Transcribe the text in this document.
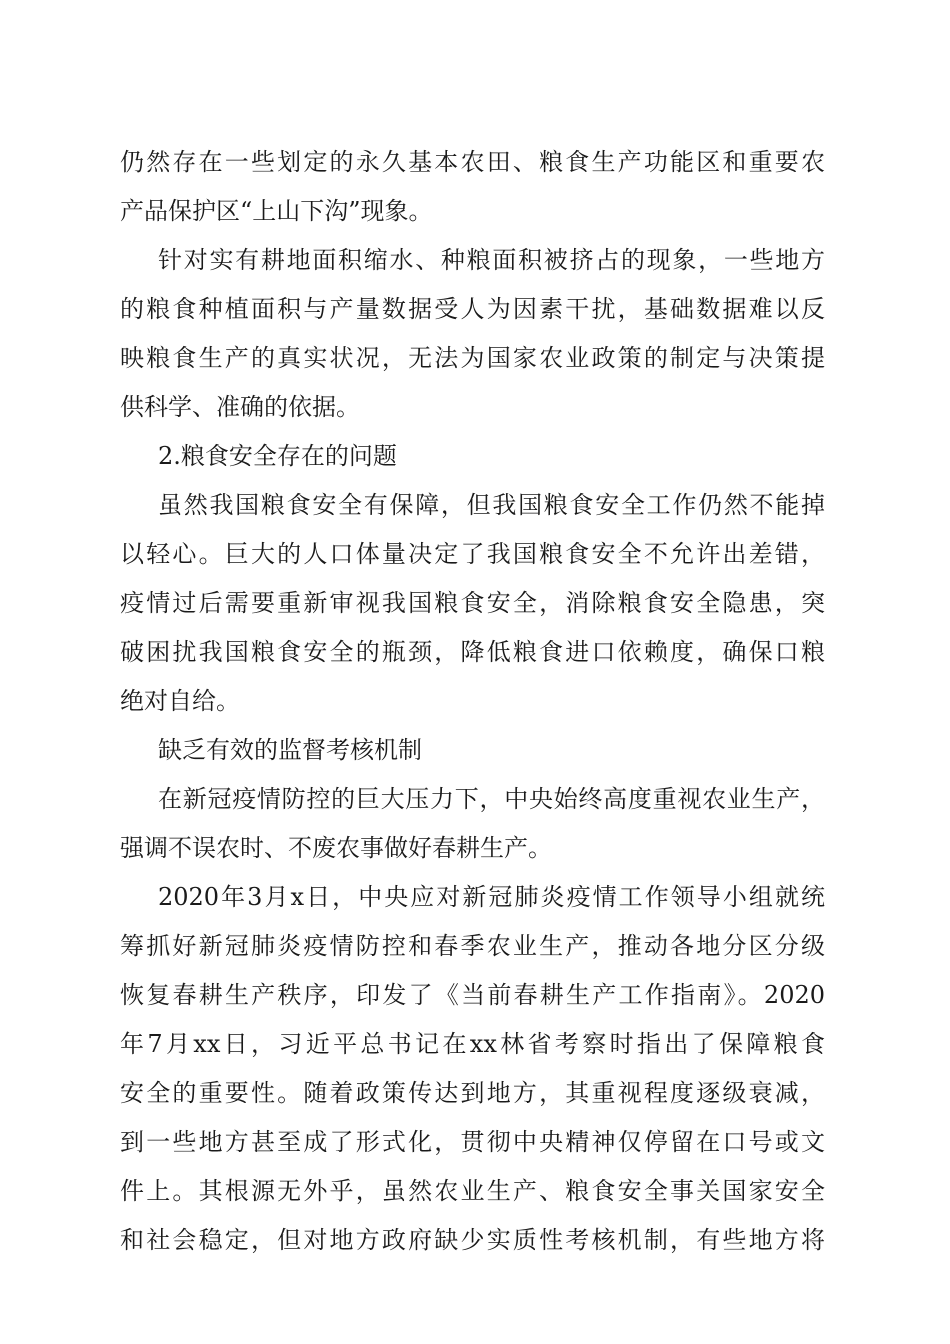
仍然存在一些划定的永久基本农田、粮食生产功能区和重要农
产品保护区“上山下沟”现象。
针对实有耕地面积缩水、种粮面积被挤占的现象，一些地方
的粮食种植面积与产量数据受人为因素干扰，基础数据难以反
映粮食生产的真实状况，无法为国家农业政策的制定与决策提
供科学、准确的依据。
2.粮食安全存在的问题
虽然我国粮食安全有保障，但我国粮食安全工作仍然不能掉
以轻心。巨大的人口体量决定了我国粮食安全不允许出差错，
疫情过后需要重新审视我国粮食安全，消除粮食安全隐患，突
破困扰我国粮食安全的瓶颈，降低粮食进口依赖度，确保口粮
绝对自给。
缺乏有效的监督考核机制
在新冠疫情防控的巨大压力下，中央始终高度重视农业生产，
强调不误农时、不废农事做好春耕生产。
2020年3月x日，中央应对新冠肺炎疫情工作领导小组就统
筹抓好新冠肺炎疫情防控和春季农业生产，推动各地分区分级
恢复春耕生产秩序，印发了《当前春耕生产工作指南》。2020
年7月xx日，习近平总书记在xx林省考察时指出了保障粮食
安全的重要性。随着政策传达到地方，其重视程度逐级衰减，
到一些地方甚至成了形式化，贯彻中央精神仅停留在口号或文
件上。其根源无外乎，虽然农业生产、粮食安全事关国家安全
和社会稳定，但对地方政府缺少实质性考核机制，有些地方将
